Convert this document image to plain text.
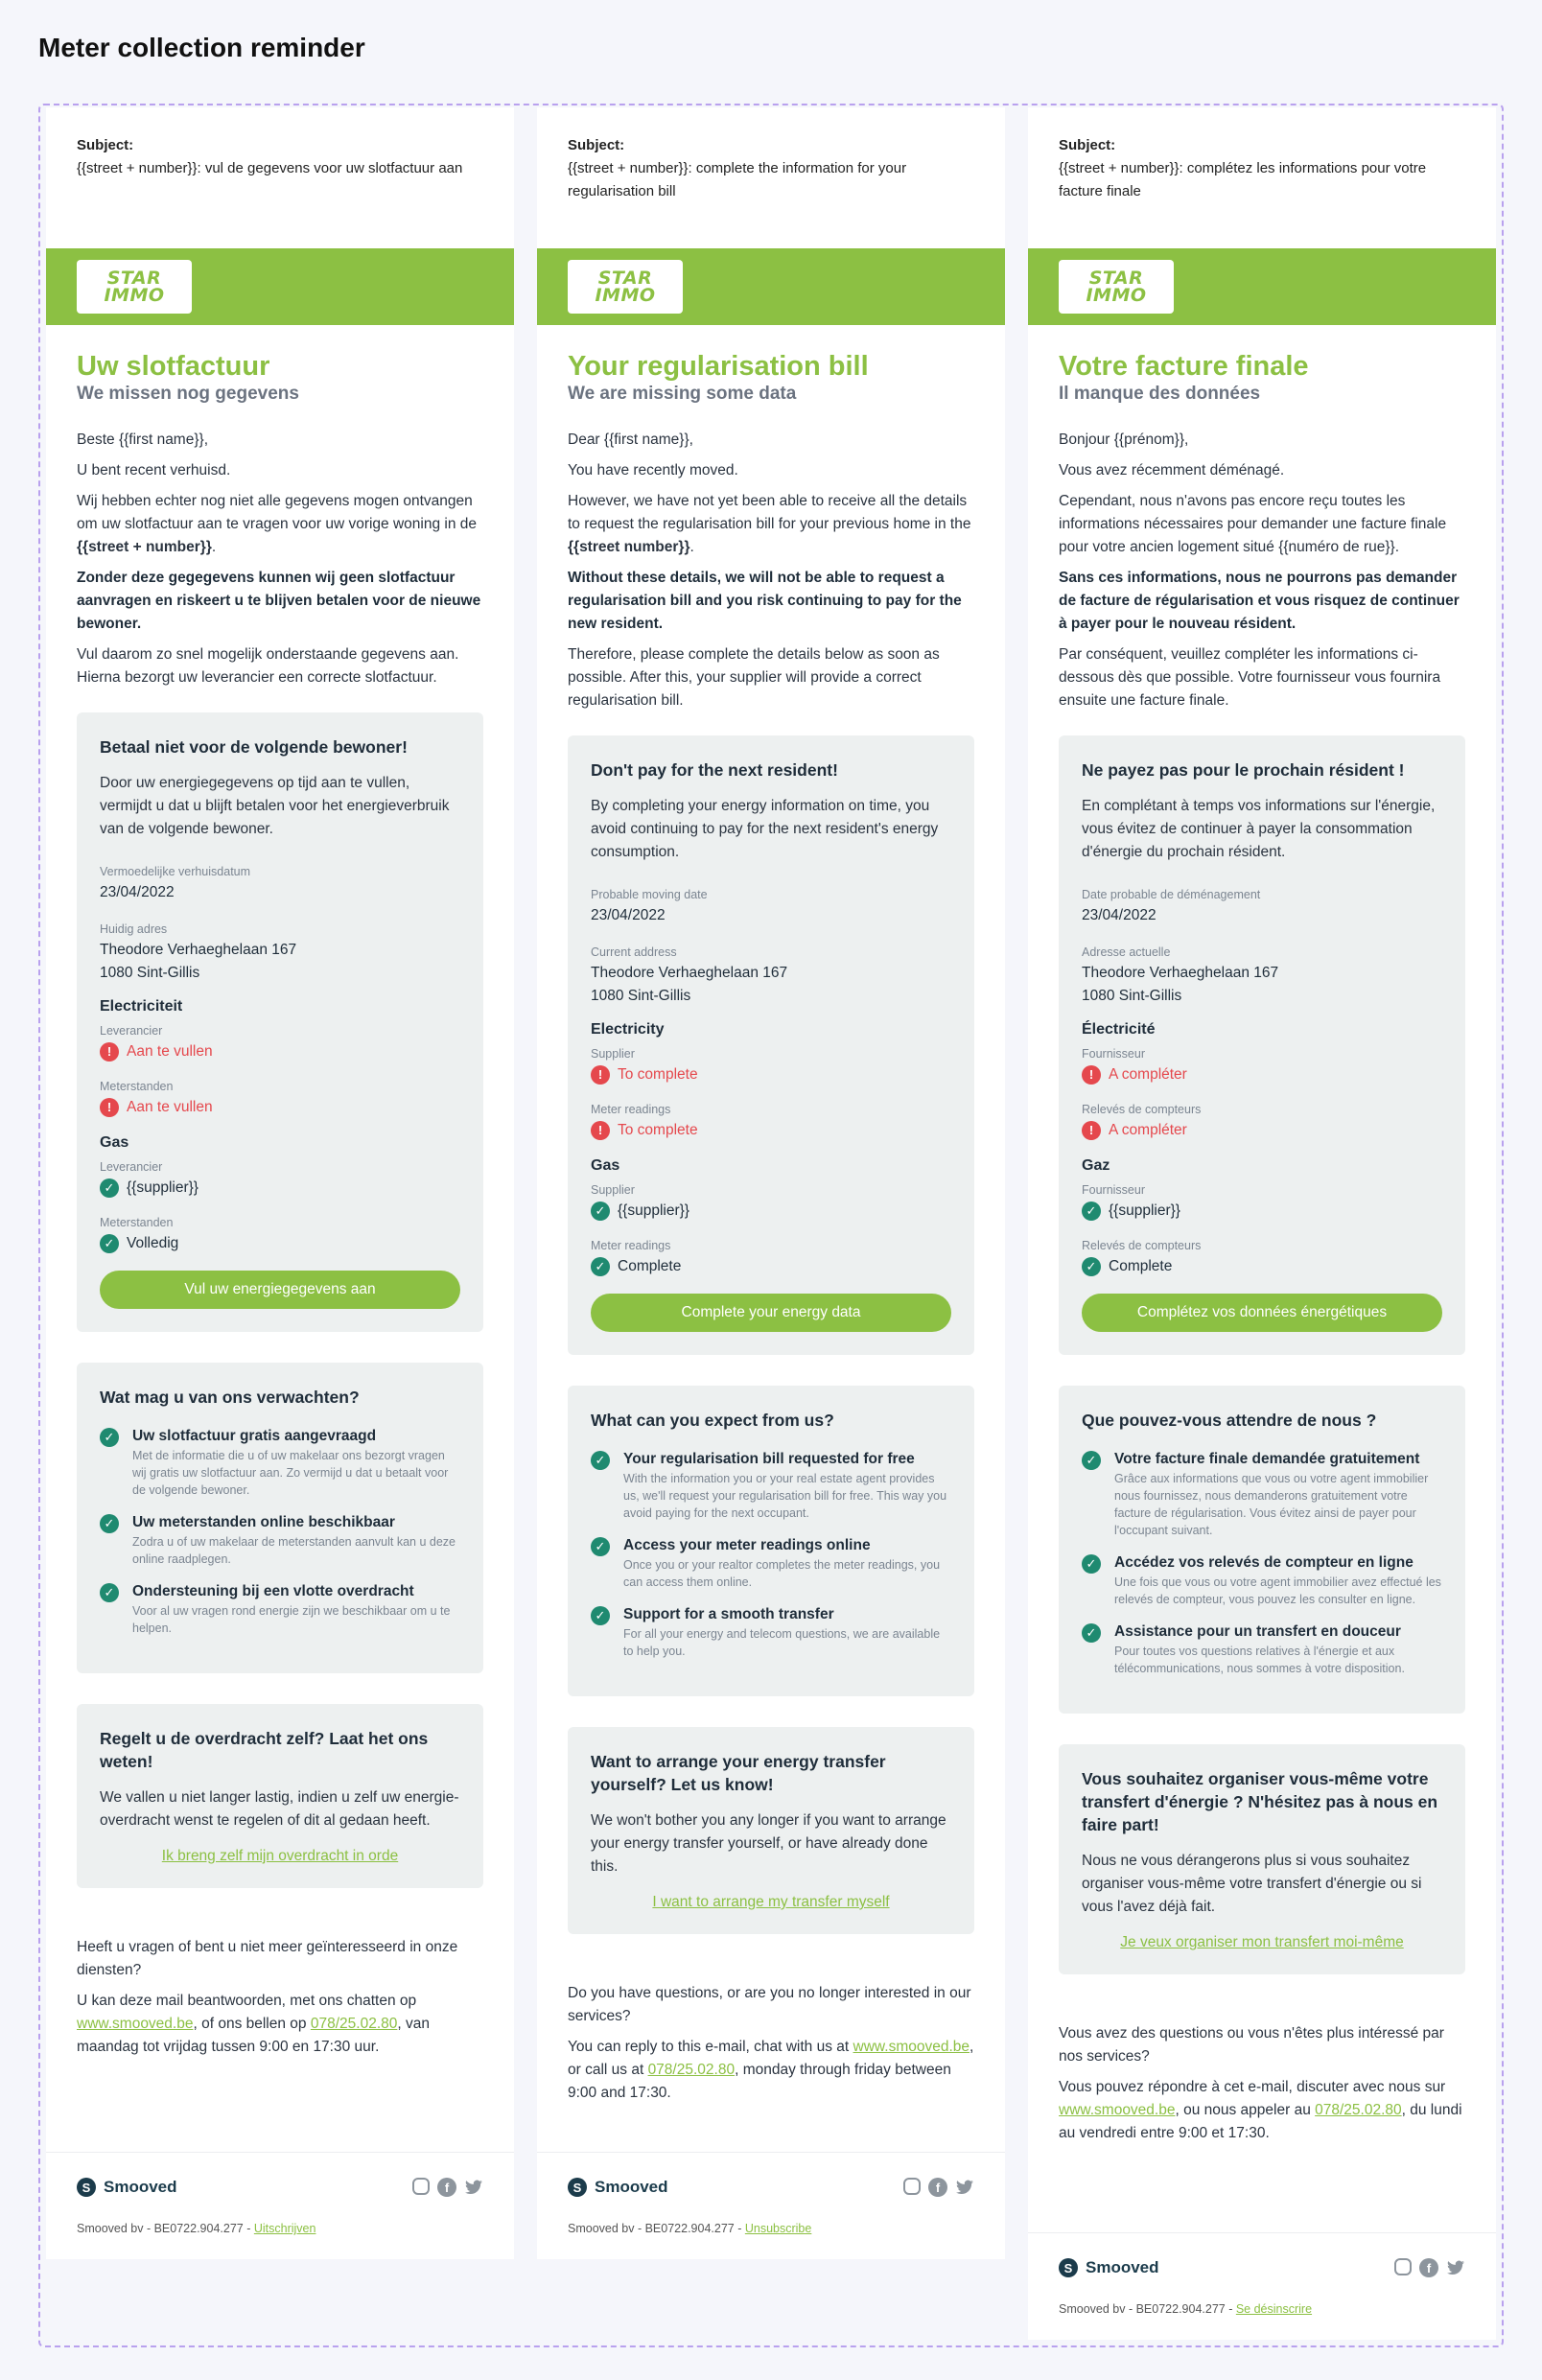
Meter collection reminder
Subject:
{{street + number}}: vul de gegevens voor uw slotfactuur aan
STAR
IMMO
Uw slotfactuur
We missen nog gegevens
Beste {{first name}},
U bent recent verhuisd.
Wij hebben echter nog niet alle gegevens mogen ontvangen om uw slotfactuur aan te vragen voor uw vorige woning in de {{street + number}}.
Zonder deze gegegevens kunnen wij geen slotfactuur aanvragen en riskeert u te blijven betalen voor de nieuwe bewoner.
Vul daarom zo snel mogelijk onderstaande gegevens aan. Hierna bezorgt uw leverancier een correcte slotfactuur.
Betaal niet voor de volgende bewoner!
Door uw energiegegevens op tijd aan te vullen, vermijdt u dat u blijft betalen voor het energieverbruik van de volgende bewoner.
Vermoedelijke verhuisdatum
23/04/2022
Huidig adres
Theodore Verhaeghelaan 167
1080 Sint-Gillis
Electriciteit
Leverancier
!	Aan te vullen
Meterstanden
!	Aan te vullen
Gas
Leverancier
✓ {{supplier}}
Meterstanden
✓ Volledig
Vul uw energiegegevens aan
Wat mag u van ons verwachten?
✓ Uw slotfactuur gratis aangevraagd
Met de informatie die u of uw makelaar ons bezorgt vragen wij gratis uw slotfactuur aan. Zo vermijd u dat u betaalt voor de volgende bewoner.
✓ Uw meterstanden online beschikbaar
Zodra u of uw makelaar de meterstanden aanvult kan u deze online raadplegen.
✓ Ondersteuning bij een vlotte overdracht
Voor al uw vragen rond energie zijn we beschikbaar om u te helpen.
Regelt u de overdracht zelf? Laat het ons weten!
We vallen u niet langer lastig, indien u zelf uw energie-overdracht wenst te regelen of dit al gedaan heeft.
Ik breng zelf mijn overdracht in orde
Heeft u vragen of bent u niet meer geïnteresseerd in onze diensten?
U kan deze mail beantwoorden, met ons chatten op www.smooved.be, of ons bellen op 078/25.02.80, van maandag tot vrijdag tussen 9:00 en 17:30 uur.
S Smooved	f
Smooved bv - BE0722.904.277 - Uitschrijven
Subject:
{{street + number}}: complete the information for your regularisation bill
STAR
IMMO
Your regularisation bill
We are missing some data
Dear {{first name}},
You have recently moved.
However, we have not yet been able to receive all the details to request the regularisation bill for your previous home in the {{street number}}.
Without these details, we will not be able to request a regularisation bill and you risk continuing to pay for the new resident.
Therefore, please complete the details below as soon as possible. After this, your supplier will provide a correct regularisation bill.
Don't pay for the next resident!
By completing your energy information on time, you avoid continuing to pay for the next resident's energy consumption.
Probable moving date
23/04/2022
Current address
Theodore Verhaeghelaan 167
1080 Sint-Gillis
Electricity
Supplier
!	To complete
Meter readings
!	To complete
Gas
Supplier
✓ {{supplier}}
Meter readings
✓ Complete
Complete your energy data
What can you expect from us?
✓ Your regularisation bill requested for free
With the information you or your real estate agent provides us, we'll request your regularisation bill for free. This way you avoid paying for the next occupant.
✓ Access your meter readings online
Once you or your realtor completes the meter readings, you can access them online.
✓ Support for a smooth transfer
For all your energy and telecom questions, we are available to help you.
Want to arrange your energy transfer yourself? Let us know!
We won't bother you any longer if you want to arrange your energy transfer yourself, or have already done this.
I want to arrange my transfer myself
Do you have questions, or are you no longer interested in our services?
You can reply to this e-mail, chat with us at www.smooved.be, or call us at 078/25.02.80, monday through friday between 9:00 and 17:30.
S Smooved	f
Smooved bv - BE0722.904.277 - Unsubscribe
Subject:
{{street + number}}: complétez les informations pour votre facture finale
STAR
IMMO
Votre facture finale
Il manque des données
Bonjour {{prénom}},
Vous avez récemment déménagé.
Cependant, nous n'avons pas encore reçu toutes les informations nécessaires pour demander une facture finale pour votre ancien logement situé {{numéro de rue}}.
Sans ces informations, nous ne pourrons pas demander de facture de régularisation et vous risquez de continuer à payer pour le nouveau résident.
Par conséquent, veuillez compléter les informations ci-dessous dès que possible. Votre fournisseur vous fournira ensuite une facture finale.
Ne payez pas pour le prochain résident !
En complétant à temps vos informations sur l'énergie, vous évitez de continuer à payer la consommation d'énergie du prochain résident.
Date probable de déménagement
23/04/2022
Adresse actuelle
Theodore Verhaeghelaan 167
1080 Sint-Gillis
Électricité
Fournisseur
!	A compléter
Relevés de compteurs
!	A compléter
Gaz
Fournisseur
✓ {{supplier}}
Relevés de compteurs
✓ Complete
Complétez vos données énergétiques
Que pouvez-vous attendre de nous ?
✓ Votre facture finale demandée gratuitement
Grâce aux informations que vous ou votre agent immobilier nous fournissez, nous demanderons gratuitement votre facture de régularisation. Vous évitez ainsi de payer pour l'occupant suivant.
✓ Accédez vos relevés de compteur en ligne
Une fois que vous ou votre agent immobilier avez effectué les relevés de compteur, vous pouvez les consulter en ligne.
✓ Assistance pour un transfert en douceur
Pour toutes vos questions relatives à l'énergie et aux télécommunications, nous sommes à votre disposition.
Vous souhaitez organiser vous-même votre transfert d'énergie ? N'hésitez pas à nous en faire part!
Nous ne vous dérangerons plus si vous souhaitez organiser vous-même votre transfert d'énergie ou si vous l'avez déjà fait.
Je veux organiser mon transfert moi-même
Vous avez des questions ou vous n'êtes plus intéressé par nos services?
Vous pouvez répondre à cet e-mail, discuter avec nous sur www.smooved.be, ou nous appeler au 078/25.02.80, du lundi au vendredi entre 9:00 et 17:30.
S Smooved	f
Smooved bv - BE0722.904.277 - Se désinscrire
